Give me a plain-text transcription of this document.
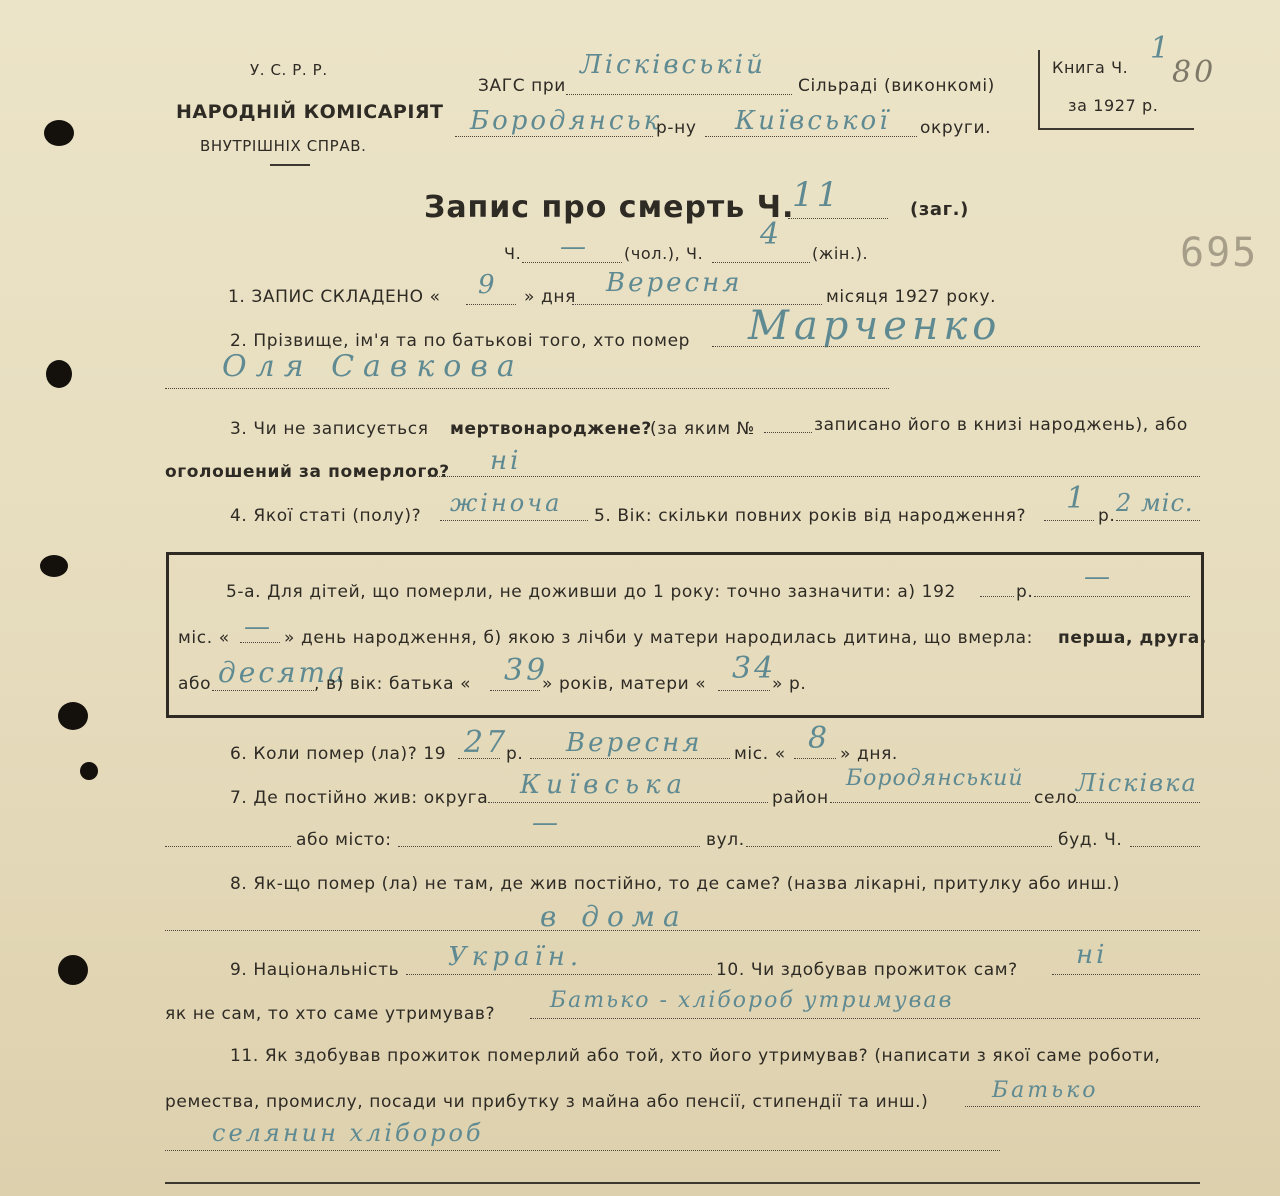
У. С. Р. Р.
НАРОДНІЙ КОМІСАРІЯТ
ВНУТРІШНІХ СПРАВ.
ЗАГС при
Лісківській
Сільраді (виконкомі)
Бородянськ
р-ну Київської округи.
Книга Ч.
1
80
за 1927 р.
Запис про смерть Ч.
11	(заг.)
695
Ч. — (чол.), Ч.
4
(жін.).
1. ЗАПИС СКЛАДЕНО « 9 » дня Вересня	місяця 1927 року.
2. Прізвище, ім'я та по батькові того, хто помер Марченко
Оля Савкова
3. Чи не записується мертвонароджене?
(за яким №	записано його в книзі народжень), або
оголошений за померлого? ні
4. Якої статі (полу)? жіноча 5. Вік: скільки повних років від народження? 1 р. 2 міс.
5-а. Для дітей, що померли, не доживши до 1 року: точно зазначити: а) 192	р. —
міс. « — » день народження, б) якою з лічби у матери народилась дитина, що вмерла: перша, друга,
або десята
, в) вік: батька « 39
» років, матери « 34
» р.
6. Коли помер (ла)? 19 27
р. Вересня міс. « 8 » дня.
7. Де постійно жив: округа Київська	район
Бородянський
село
Лісківка
або місто:
—
вул.	буд. Ч.
8. Як-що помер (ла) не там, де жив постійно, то де саме? (назва лікарні, притулку або инш.)
в дома
9. Національність Україн.	10. Чи здобував прожиток сам? ні
як не сам, то хто саме утримував?
Батько - хлібороб утримував
11. Як здобував прожиток померлий або той, хто його утримував? (написати з якої саме роботи,
ремества, промислу, посади чи прибутку з майна або пенсії, стипендії та инш.)	Батько
селянин хлібороб
